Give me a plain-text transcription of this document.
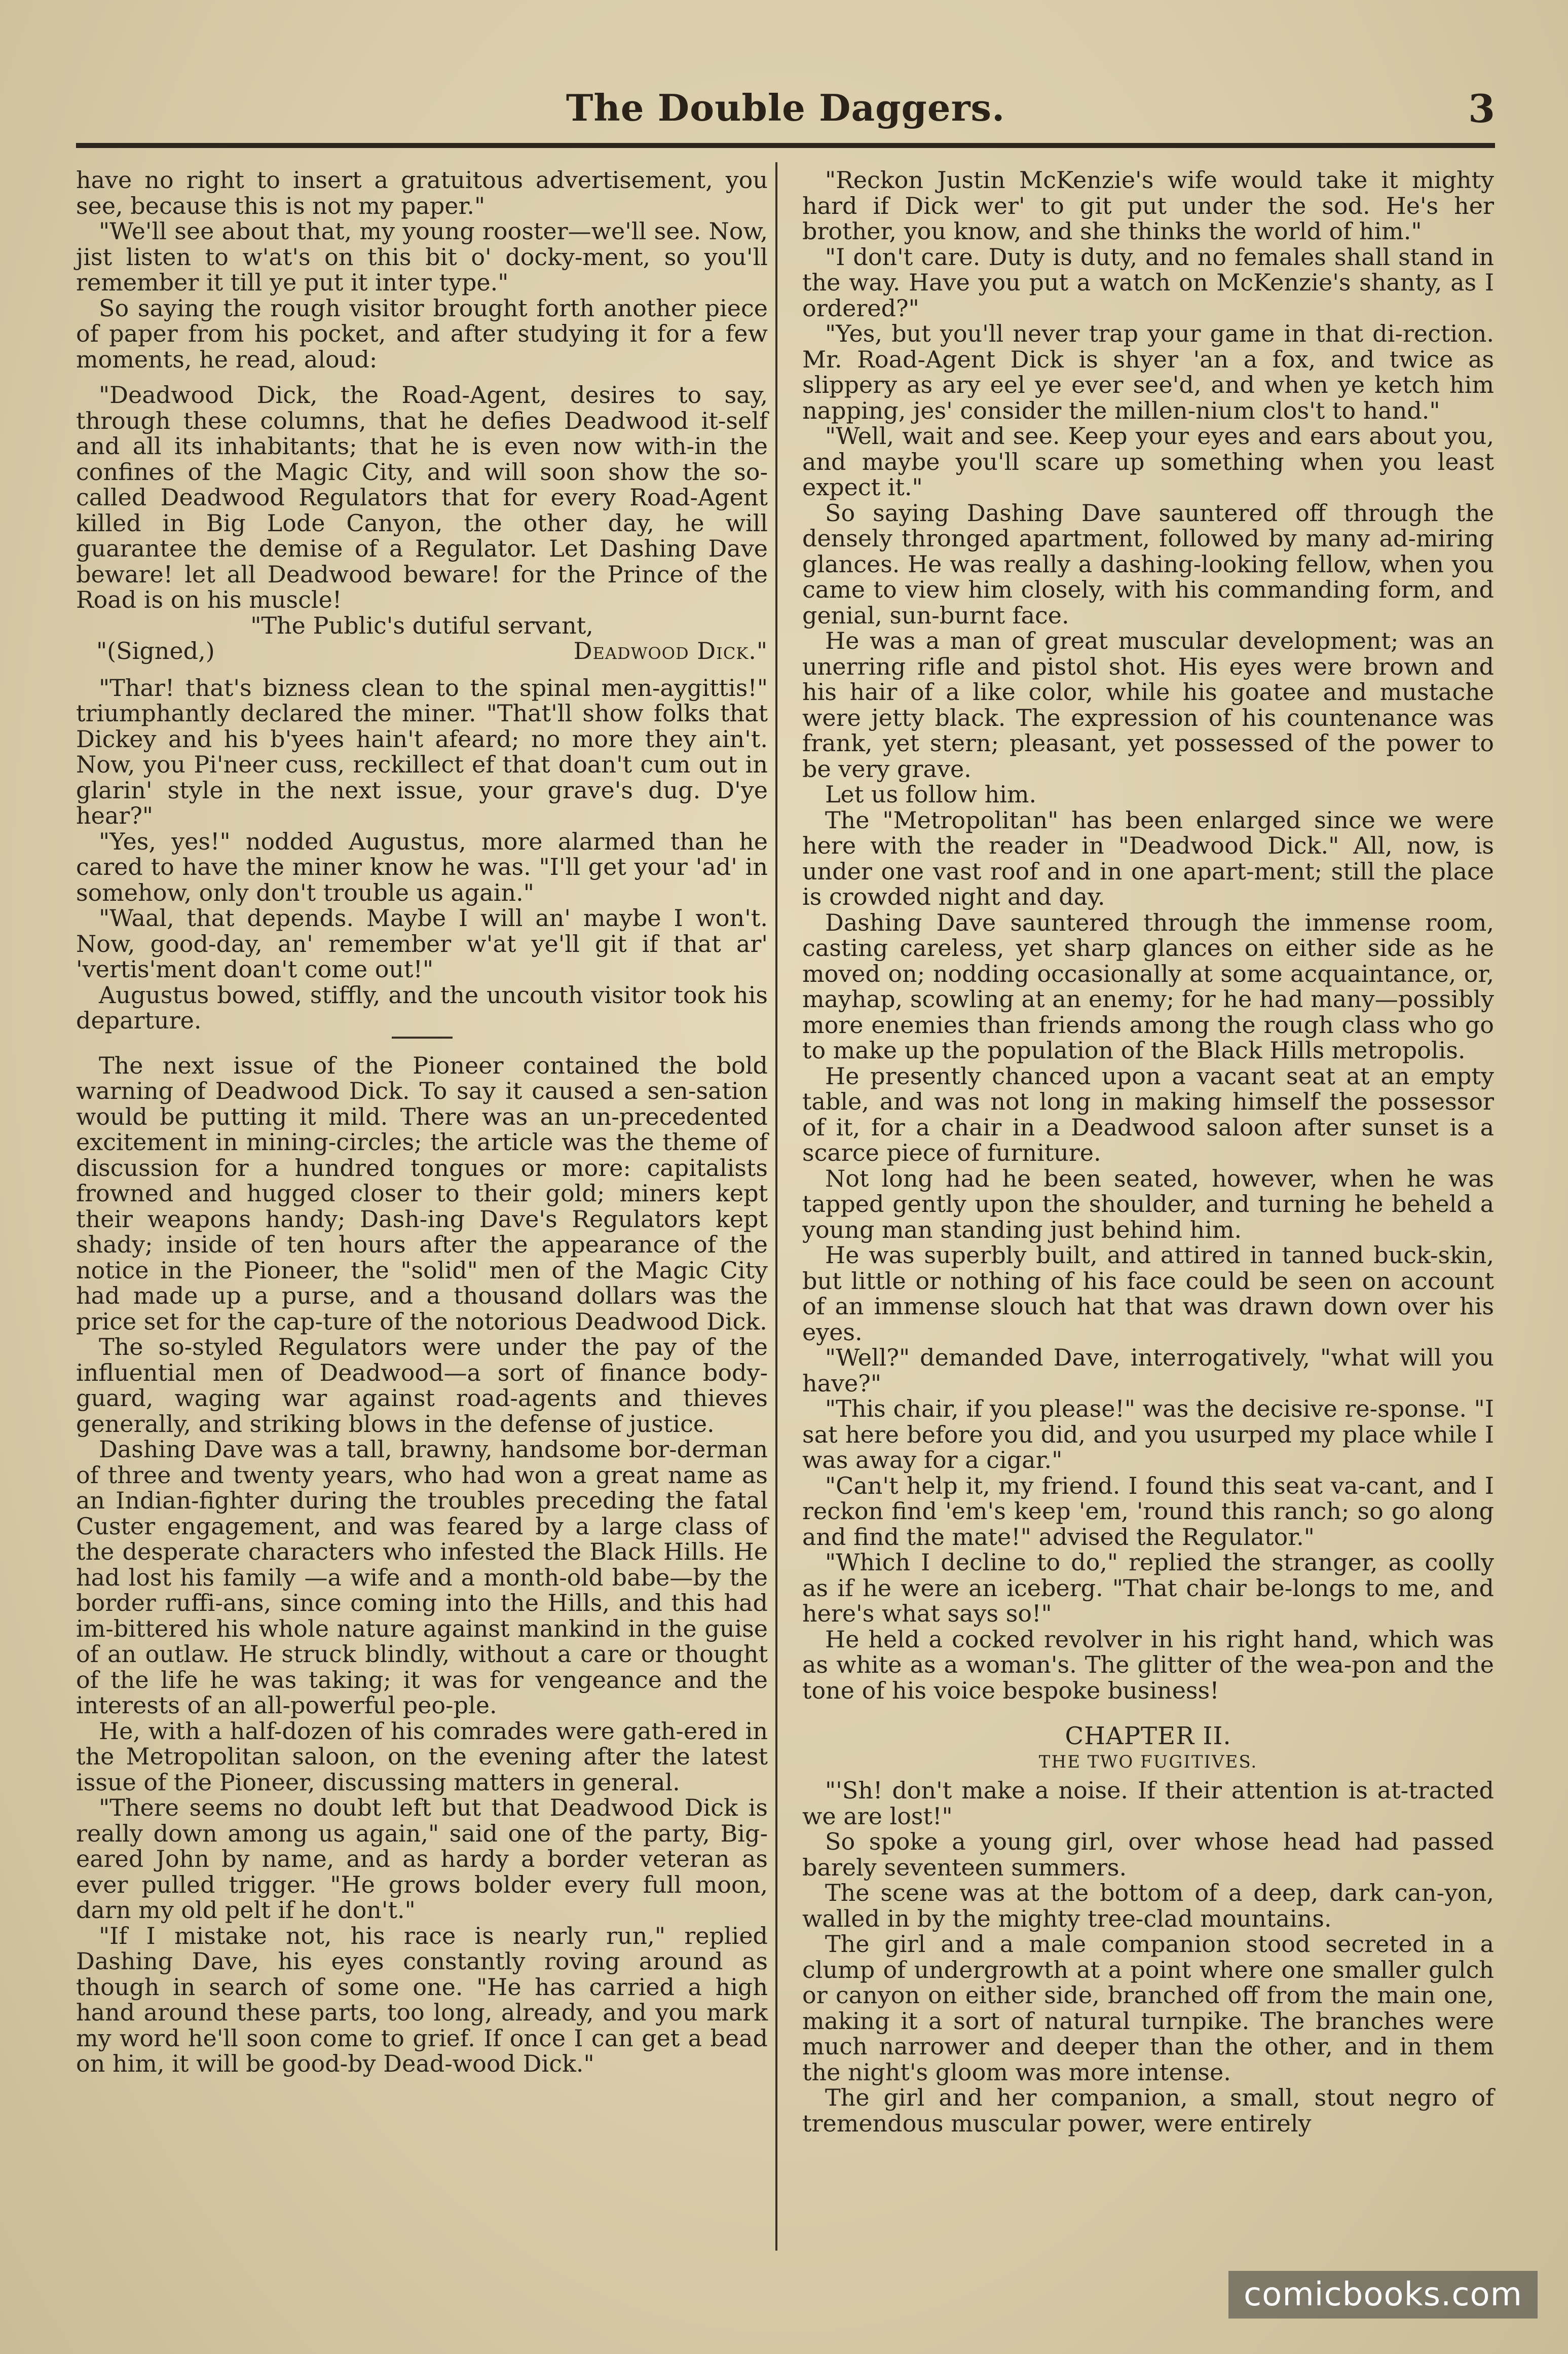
The Double Daggers.	3

have no right to insert a gratuitous advertisement, you see, because this is not my paper."

"We'll see about that, my young rooster—we'll see. Now, jist listen to w'at's on this bit o' docky-ment, so you'll remember it till ye put it inter type."

So saying the rough visitor brought forth another piece of paper from his pocket, and after studying it for a few moments, he read, aloud:

"Deadwood Dick, the Road-Agent, desires to say, through these columns, that he defies Deadwood it-self and all its inhabitants; that he is even now with-in the confines of the Magic City, and will soon show the so-called Deadwood Regulators that for every Road-Agent killed in Big Lode Canyon, the other day, he will guarantee the demise of a Regulator. Let Dashing Dave beware! let all Deadwood beware! for the Prince of the Road is on his muscle!

"The Public's dutiful servant,

"(Signed,)	Deadwood Dick."

"Thar! that's bizness clean to the spinal men-aygittis!" triumphantly declared the miner. "That'll show folks that Dickey and his b'yees hain't afeard; no more they ain't. Now, you Pi'neer cuss, reckillect ef that doan't cum out in glarin' style in the next issue, your grave's dug. D'ye hear?"

"Yes, yes!" nodded Augustus, more alarmed than he cared to have the miner know he was. "I'll get your 'ad' in somehow, only don't trouble us again."

"Waal, that depends. Maybe I will an' maybe I won't. Now, good-day, an' remember w'at ye'll git if that ar' 'vertis'ment doan't come out!"

Augustus bowed, stiffly, and the uncouth visitor took his departure.

The next issue of the Pioneer contained the bold warning of Deadwood Dick. To say it caused a sen-sation would be putting it mild. There was an un-precedented excitement in mining-circles; the article was the theme of discussion for a hundred tongues or more: capitalists frowned and hugged closer to their gold; miners kept their weapons handy; Dash-ing Dave's Regulators kept shady; inside of ten hours after the appearance of the notice in the Pioneer, the "solid" men of the Magic City had made up a purse, and a thousand dollars was the price set for the cap-ture of the notorious Deadwood Dick.

The so-styled Regulators were under the pay of the influential men of Deadwood—a sort of finance body-guard, waging war against road-agents and thieves generally, and striking blows in the defense of justice.

Dashing Dave was a tall, brawny, handsome bor-derman of three and twenty years, who had won a great name as an Indian-fighter during the troubles preceding the fatal Custer engagement, and was feared by a large class of the desperate characters who infested the Black Hills. He had lost his family —a wife and a month-old babe—by the border ruffi-ans, since coming into the Hills, and this had im-bittered his whole nature against mankind in the guise of an outlaw. He struck blindly, without a care or thought of the life he was taking; it was for vengeance and the interests of an all-powerful peo-ple.

He, with a half-dozen of his comrades were gath-ered in the Metropolitan saloon, on the evening after the latest issue of the Pioneer, discussing matters in general.

"There seems no doubt left but that Deadwood Dick is really down among us again," said one of the party, Big-eared John by name, and as hardy a border veteran as ever pulled trigger. "He grows bolder every full moon, darn my old pelt if he don't."

"If I mistake not, his race is nearly run," replied Dashing Dave, his eyes constantly roving around as though in search of some one. "He has carried a high hand around these parts, too long, already, and you mark my word he'll soon come to grief. If once I can get a bead on him, it will be good-by Dead-wood Dick."

"Reckon Justin McKenzie's wife would take it mighty hard if Dick wer' to git put under the sod. He's her brother, you know, and she thinks the world of him."

"I don't care. Duty is duty, and no females shall stand in the way. Have you put a watch on McKenzie's shanty, as I ordered?"

"Yes, but you'll never trap your game in that di-rection. Mr. Road-Agent Dick is shyer 'an a fox, and twice as slippery as ary eel ye ever see'd, and when ye ketch him napping, jes' consider the millen-nium clos't to hand."

"Well, wait and see. Keep your eyes and ears about you, and maybe you'll scare up something when you least expect it."

So saying Dashing Dave sauntered off through the densely thronged apartment, followed by many ad-miring glances. He was really a dashing-looking fellow, when you came to view him closely, with his commanding form, and genial, sun-burnt face.

He was a man of great muscular development; was an unerring rifle and pistol shot. His eyes were brown and his hair of a like color, while his goatee and mustache were jetty black. The expression of his countenance was frank, yet stern; pleasant, yet possessed of the power to be very grave.

Let us follow him.

The "Metropolitan" has been enlarged since we were here with the reader in "Deadwood Dick." All, now, is under one vast roof and in one apart-ment; still the place is crowded night and day.

Dashing Dave sauntered through the immense room, casting careless, yet sharp glances on either side as he moved on; nodding occasionally at some acquaintance, or, mayhap, scowling at an enemy; for he had many—possibly more enemies than friends among the rough class who go to make up the population of the Black Hills metropolis.

He presently chanced upon a vacant seat at an empty table, and was not long in making himself the possessor of it, for a chair in a Deadwood saloon after sunset is a scarce piece of furniture.

Not long had he been seated, however, when he was tapped gently upon the shoulder, and turning he beheld a young man standing just behind him.

He was superbly built, and attired in tanned buck-skin, but little or nothing of his face could be seen on account of an immense slouch hat that was drawn down over his eyes.

"Well?" demanded Dave, interrogatively, "what will you have?"

"This chair, if you please!" was the decisive re-sponse. "I sat here before you did, and you usurped my place while I was away for a cigar."

"Can't help it, my friend. I found this seat va-cant, and I reckon find 'em's keep 'em, 'round this ranch; so go along and find the mate!" advised the Regulator."

"Which I decline to do," replied the stranger, as coolly as if he were an iceberg. "That chair be-longs to me, and here's what says so!"

He held a cocked revolver in his right hand, which was as white as a woman's. The glitter of the wea-pon and the tone of his voice bespoke business!

CHAPTER II.
THE TWO FUGITIVES.

"'Sh! don't make a noise. If their attention is at-tracted we are lost!"

So spoke a young girl, over whose head had passed barely seventeen summers.

The scene was at the bottom of a deep, dark can-yon, walled in by the mighty tree-clad mountains.

The girl and a male companion stood secreted in a clump of undergrowth at a point where one smaller gulch or canyon on either side, branched off from the main one, making it a sort of natural turnpike. The branches were much narrower and deeper than the other, and in them the night's gloom was more intense.

The girl and her companion, a small, stout negro of tremendous muscular power, were entirely

comicbooks.com
